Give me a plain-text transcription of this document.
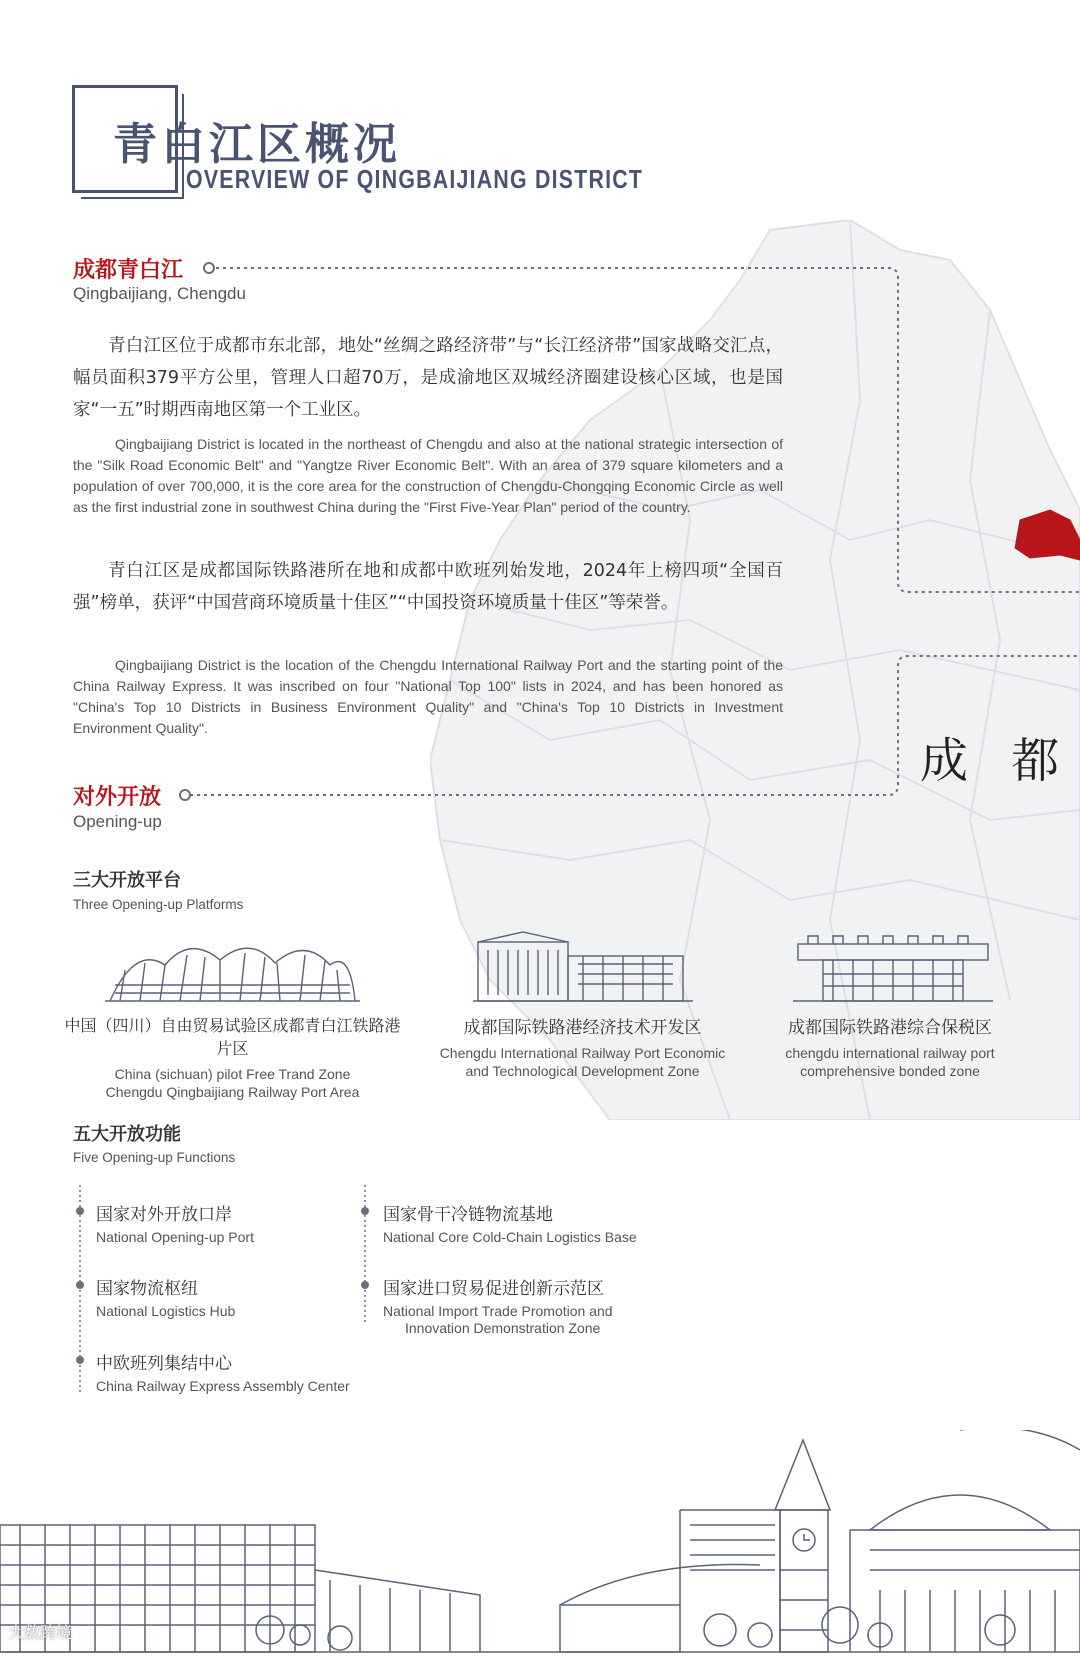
青白江区概况
OVERVIEW OF QINGBAIJIANG DISTRICT
成都青白江
Qingbaijiang, Chengdu
青白江区位于成都市东北部，地处“丝绸之路经济带”与“长江经济带”国家战略交汇点，幅员面积379平方公里，管理人口超70万，是成渝地区双城经济圈建设核心区域，也是国家“一五”时期西南地区第一个工业区。
Qingbaijiang District is located in the northeast of Chengdu and also at the national strategic intersection of the "Silk Road Economic Belt" and "Yangtze River Economic Belt". With an area of 379 square kilometers and a population of over 700,000, it is the core area for the construction of Chengdu-Chongqing Economic Circle as well as the first industrial zone in southwest China during the "First Five-Year Plan" period of the country.
青白江区是成都国际铁路港所在地和成都中欧班列始发地，2024年上榜四项“全国百强”榜单，获评“中国营商环境质量十佳区”“中国投资环境质量十佳区”等荣誉。
Qingbaijiang District is the location of the Chengdu International Railway Port and the starting point of the China Railway Express. It was inscribed on four "National Top 100" lists in 2024, and has been honored as "China's Top 10 Districts in Business Environment Quality" and "China's Top 10 Districts in Investment Environment Quality".
成 都
对外开放
Opening-up
三大开放平台
Three Opening-up Platforms
中国（四川）自由贸易试验区成都青白江铁路港片区
China (sichuan) pilot Free Trand Zone
Chengdu Qingbaijiang Railway Port Area
成都国际铁路港经济技术开发区
Chengdu International Railway Port Economic
and Technological Development Zone
成都国际铁路港综合保税区
chengdu international railway port
comprehensive bonded zone
五大开放功能
Five Opening-up Functions
国家对外开放口岸
National Opening-up Port
国家骨干冷链物流基地
National Core Cold-Chain Logistics Base
国家物流枢纽
National Logistics Hub
国家进口贸易促进创新示范区
National Import Trade Promotion and
Innovation Demonstration Zone
中欧班列集结中心
China Railway Express Assembly Center
大数跨境
